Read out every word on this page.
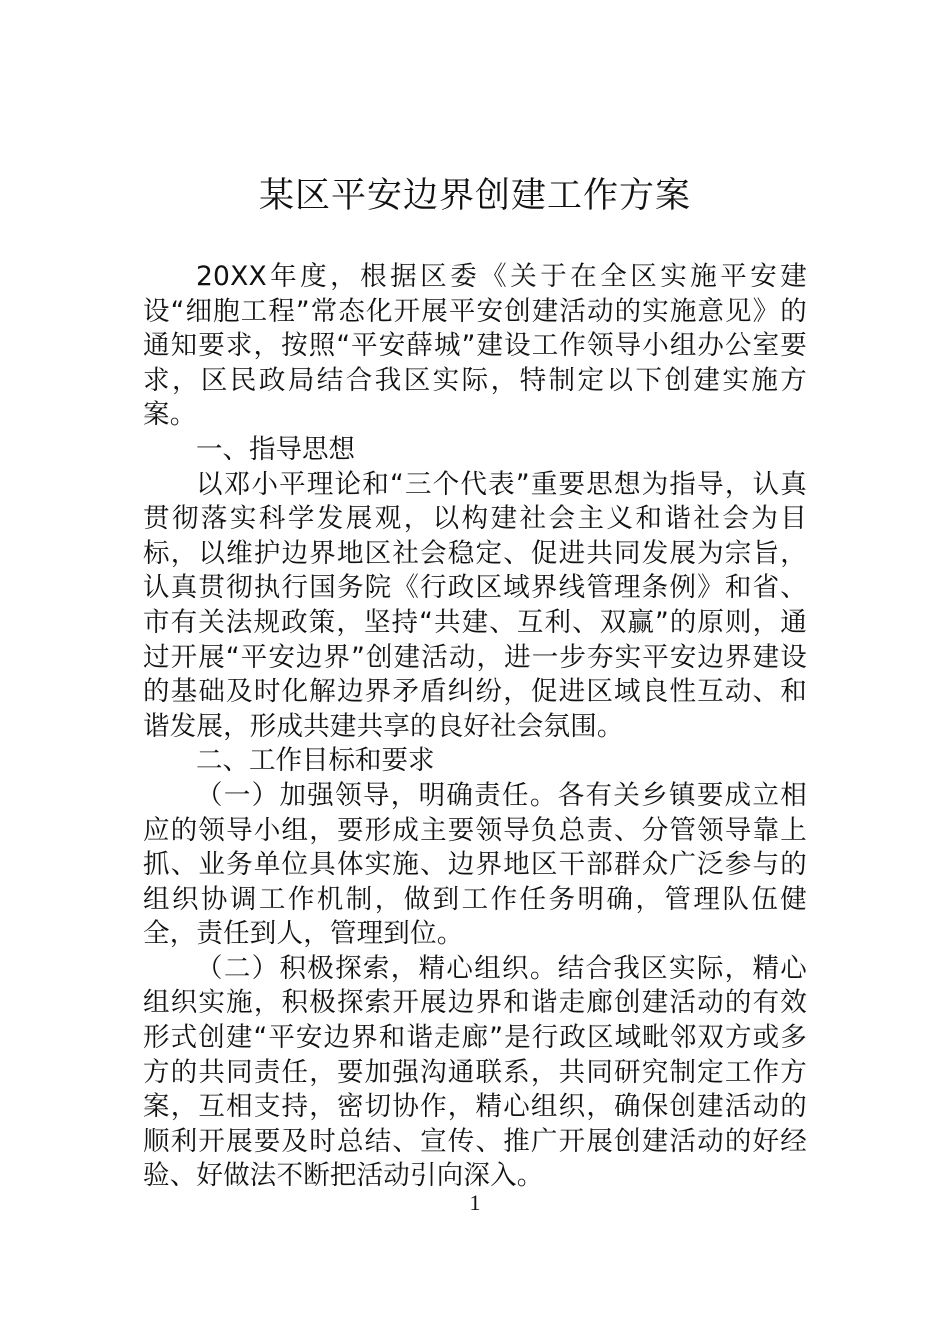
某区平安边界创建工作方案

20XX年度，根据区委《关于在全区实施平安建设“细胞工程”常态化开展平安创建活动的实施意见》的通知要求，按照“平安薛城”建设工作领导小组办公室要求，区民政局结合我区实际，特制定以下创建实施方案。

一、指导思想

以邓小平理论和“三个代表”重要思想为指导，认真贯彻落实科学发展观，以构建社会主义和谐社会为目标，以维护边界地区社会稳定、促进共同发展为宗旨，认真贯彻执行国务院《行政区域界线管理条例》和省、市有关法规政策，坚持“共建、互利、双赢”的原则，通过开展“平安边界”创建活动，进一步夯实平安边界建设的基础及时化解边界矛盾纠纷，促进区域良性互动、和谐发展，形成共建共享的良好社会氛围。

二、工作目标和要求

（一）加强领导，明确责任。各有关乡镇要成立相应的领导小组，要形成主要领导负总责、分管领导靠上抓、业务单位具体实施、边界地区干部群众广泛参与的组织协调工作机制，做到工作任务明确，管理队伍健全，责任到人，管理到位。

（二）积极探索，精心组织。结合我区实际，精心组织实施，积极探索开展边界和谐走廊创建活动的有效形式创建“平安边界和谐走廊”是行政区域毗邻双方或多方的共同责任，要加强沟通联系，共同研究制定工作方案，互相支持，密切协作，精心组织，确保创建活动的顺利开展要及时总结、宣传、推广开展创建活动的好经验、好做法不断把活动引向深入。

1
